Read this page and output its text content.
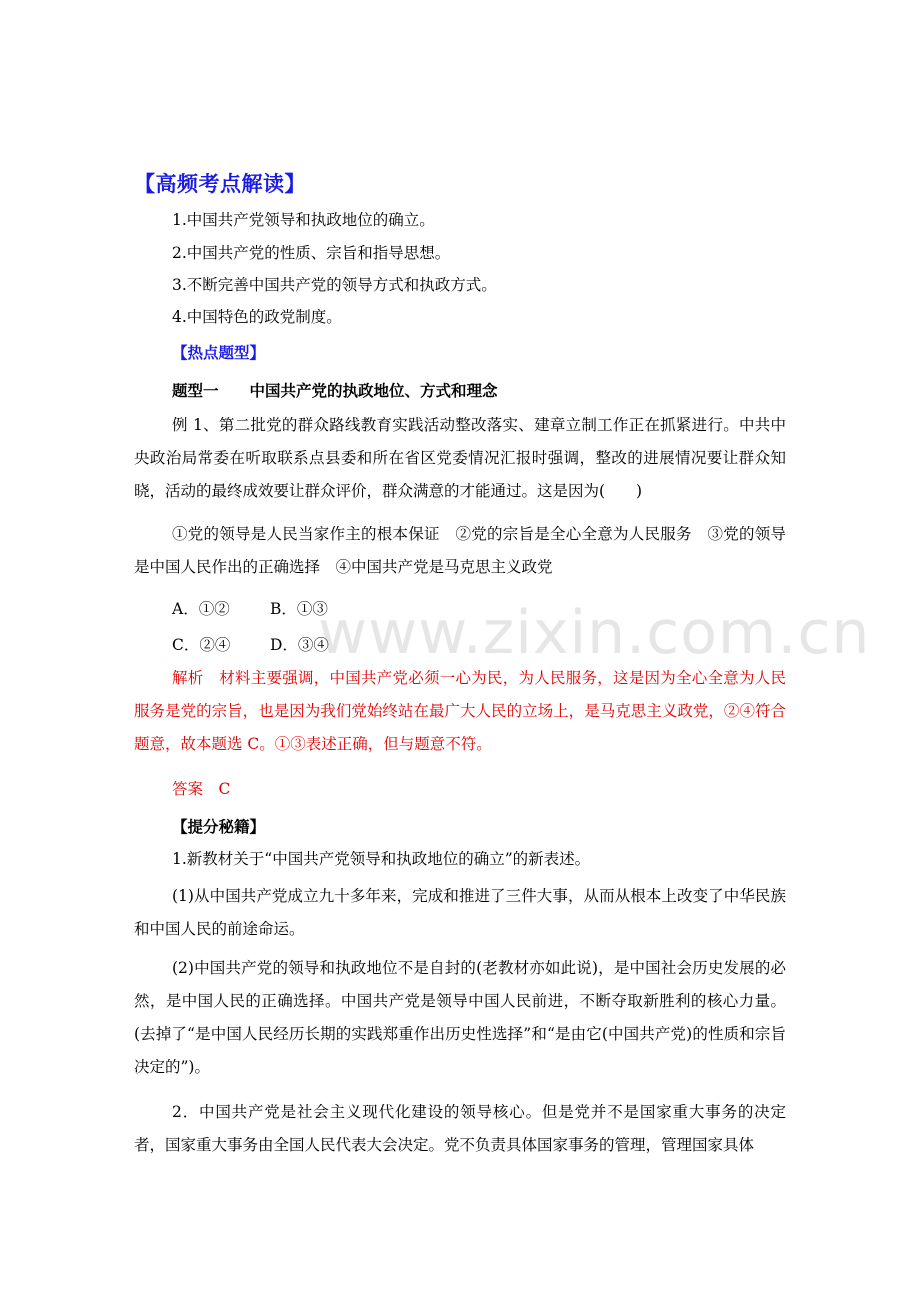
www.zixin.com.cn
【高频考点解读】
1.中国共产党领导和执政地位的确立。
2.中国共产党的性质、宗旨和指导思想。
3.不断完善中国共产党的领导方式和执政方式。
4.中国特色的政党制度。
【热点题型】
题型一　　中国共产党的执政地位、方式和理念
例 1、第二批党的群众路线教育实践活动整改落实、建章立制工作正在抓紧进行。中共中央政治局常委在听取联系点县委和所在省区党委情况汇报时强调，整改的进展情况要让群众知晓，活动的最终成效要让群众评价，群众满意的才能通过。这是因为(　　)
①党的领导是人民当家作主的根本保证　②党的宗旨是全心全意为人民服务　③党的领导是中国人民作出的正确选择　④中国共产党是马克思主义政党
A．①②	B．①③
C．②④	D．③④
解析　材料主要强调，中国共产党必须一心为民，为人民服务，这是因为全心全意为人民服务是党的宗旨，也是因为我们党始终站在最广大人民的立场上，是马克思主义政党，②④符合题意，故本题选 C。①③表述正确，但与题意不符。
答案　C
【提分秘籍】
1.新教材关于“中国共产党领导和执政地位的确立”的新表述。
(1)从中国共产党成立九十多年来，完成和推进了三件大事，从而从根本上改变了中华民族和中国人民的前途命运。
(2)中国共产党的领导和执政地位不是自封的(老教材亦如此说)，是中国社会历史发展的必然，是中国人民的正确选择。中国共产党是领导中国人民前进，不断夺取新胜利的核心力量。(去掉了“是中国人民经历长期的实践郑重作出历史性选择”和“是由它(中国共产党)的性质和宗旨决定的”)。
2．中国共产党是社会主义现代化建设的领导核心。但是党并不是国家重大事务的决定者，国家重大事务由全国人民代表大会决定。党不负责具体国家事务的管理，管理国家具体
